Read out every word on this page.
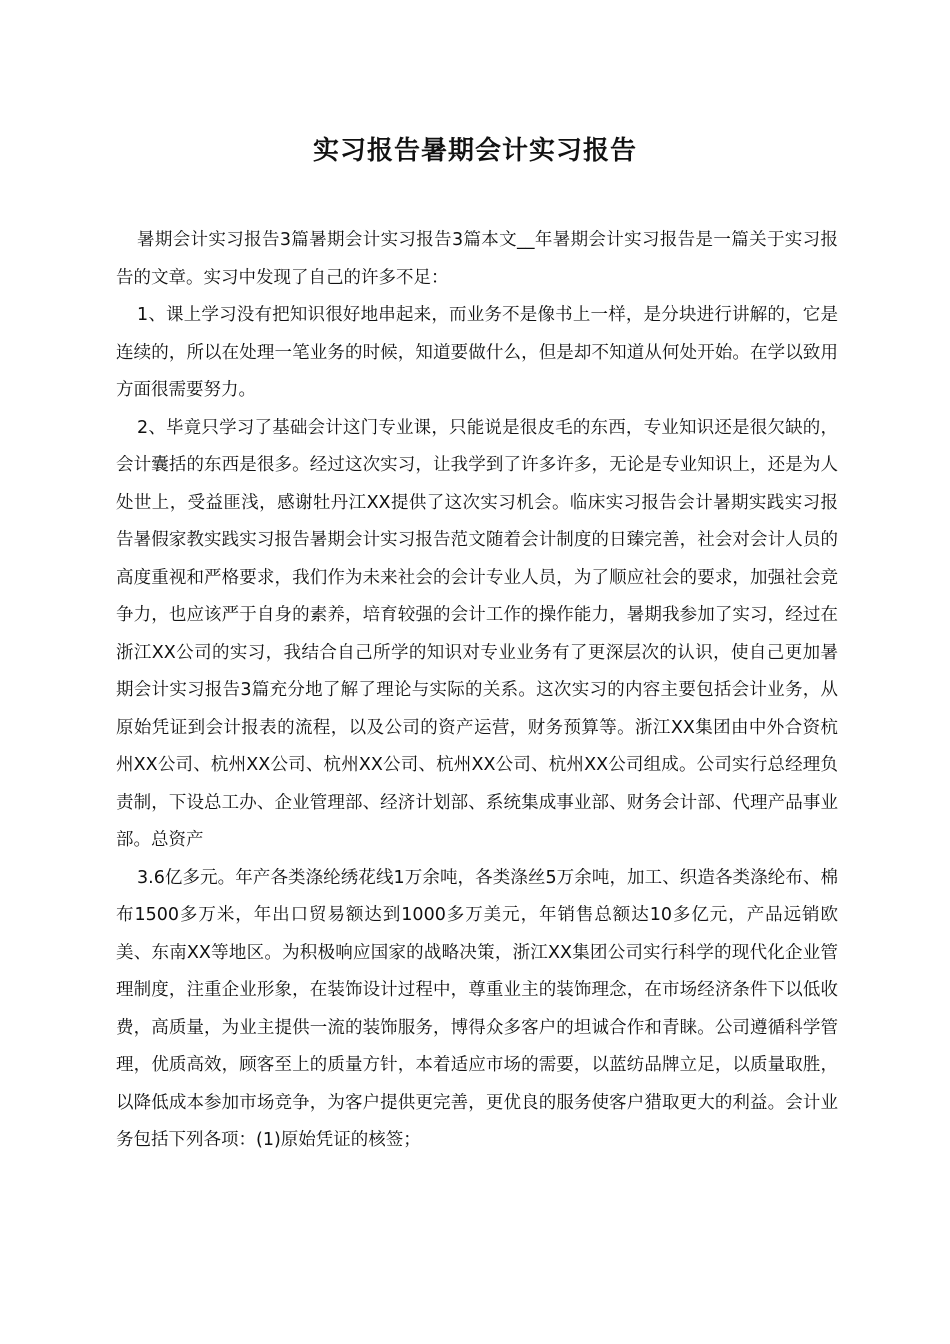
实习报告暑期会计实习报告

暑期会计实习报告3篇暑期会计实习报告3篇本文__年暑期会计实习报告是一篇关于实习报告的文章。实习中发现了自己的许多不足：

1、课上学习没有把知识很好地串起来，而业务不是像书上一样，是分块进行讲解的，它是连续的，所以在处理一笔业务的时候，知道要做什么，但是却不知道从何处开始。在学以致用方面很需要努力。

2、毕竟只学习了基础会计这门专业课，只能说是很皮毛的东西，专业知识还是很欠缺的，会计囊括的东西是很多。经过这次实习，让我学到了许多许多，无论是专业知识上，还是为人处世上，受益匪浅，感谢牡丹江XX提供了这次实习机会。临床实习报告会计暑期实践实习报告暑假家教实践实习报告暑期会计实习报告范文随着会计制度的日臻完善，社会对会计人员的高度重视和严格要求，我们作为未来社会的会计专业人员，为了顺应社会的要求，加强社会竞争力，也应该严于自身的素养，培育较强的会计工作的操作能力，暑期我参加了实习，经过在浙江XX公司的实习，我结合自己所学的知识对专业业务有了更深层次的认识，使自己更加暑期会计实习报告3篇充分地了解了理论与实际的关系。这次实习的内容主要包括会计业务，从原始凭证到会计报表的流程，以及公司的资产运营，财务预算等。浙江XX集团由中外合资杭州XX公司、杭州XX公司、杭州XX公司、杭州XX公司、杭州XX公司组成。公司实行总经理负责制，下设总工办、企业管理部、经济计划部、系统集成事业部、财务会计部、代理产品事业部。总资产

3.6亿多元。年产各类涤纶绣花线1万余吨，各类涤丝5万余吨，加工、织造各类涤纶布、棉布1500多万米，年出口贸易额达到1000多万美元，年销售总额达10多亿元，产品远销欧美、东南XX等地区。为积极响应国家的战略决策，浙江XX集团公司实行科学的现代化企业管理制度，注重企业形象，在装饰设计过程中，尊重业主的装饰理念，在市场经济条件下以低收费，高质量，为业主提供一流的装饰服务，博得众多客户的坦诚合作和青睐。公司遵循科学管理，优质高效，顾客至上的质量方针，本着适应市场的需要，以蓝纺品牌立足，以质量取胜，以降低成本参加市场竞争，为客户提供更完善，更优良的服务使客户猎取更大的利益。会计业务包括下列各项：(1)原始凭证的核签；
